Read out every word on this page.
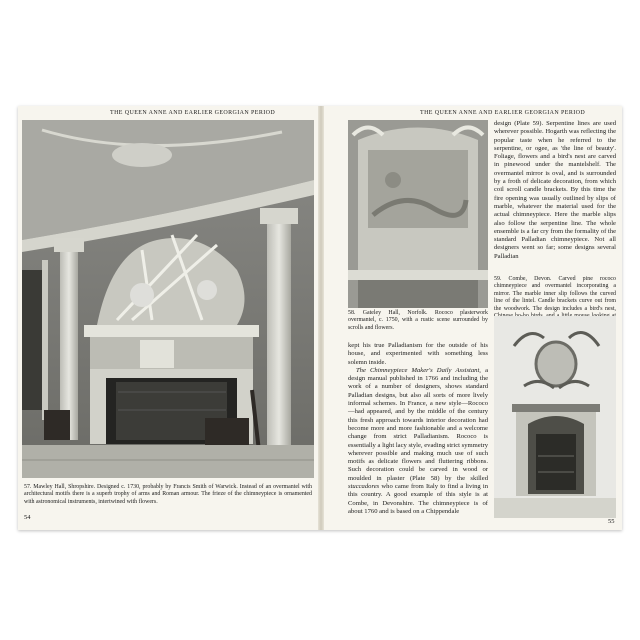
THE QUEEN ANNE AND EARLIER GEORGIAN PERIOD
57. Mawley Hall, Shropshire. Designed c. 1730, probably by Francis Smith of Warwick. Instead of an overmantel with architectural motifs there is a superb trophy of arms and Roman armour. The frieze of the chimneypiece is ornamented with astronomical instruments, intertwined with flowers.
54
THE QUEEN ANNE AND EARLIER GEORGIAN PERIOD
58. Gateley Hall, Norfolk. Rococo plasterwork overmantel, c. 1750, with a rustic scene surrounded by scrolls and flowers.
design (Plate 59). Serpentine lines are used wherever possible. Hogarth was reflecting the popular taste when he referred to the serpentine, or ogee, as 'the line of beauty'. Foliage, flowers and a bird's nest are carved in pinewood under the mantelshelf. The overmantel mirror is oval, and is surrounded by a froth of delicate decoration, from which coil scroll candle brackets. By this time the fire opening was usually outlined by slips of marble, whatever the material used for the actual chimneypiece. Here the marble slips also follow the serpentine line. The whole ensemble is a far cry from the formality of the standard Palladian chimneypiece. Not all designers went so far; some designs several Palladian
59. Combe, Devon. Carved pine rococo chimneypiece and overmantel incorporating a mirror. The marble inner slip follows the curved line of the lintel. Candle brackets curve out from the woodwork. The design includes a bird's nest,

kept his true Palladianism for the outside of his house, and experimented with something less solemn inside.

The Chimneypiece Maker's Daily Assistant, a design manual published in 1766 and including the work of a number of designers, shows standard Palladian designs, but also all sorts of more lively informal schemes. In France, a new style—Rococo—had appeared, and by the middle of the century this fresh approach towards interior decoration had become more and more fashionable and a welcome change from strict Palladianism. Rococo is essentially a light lacy style, evading strict symmetry wherever possible and making much use of such motifs as delicate flowers and fluttering ribbons. Such decoration could be carved in wood or moulded in plaster (Plate 58) by the skilled stuccadores who came from Italy to find a living in this country. A good example of this style is at Combe, in Devonshire. The chimneypiece is of about 1760 and is based on a Chippendale

55
